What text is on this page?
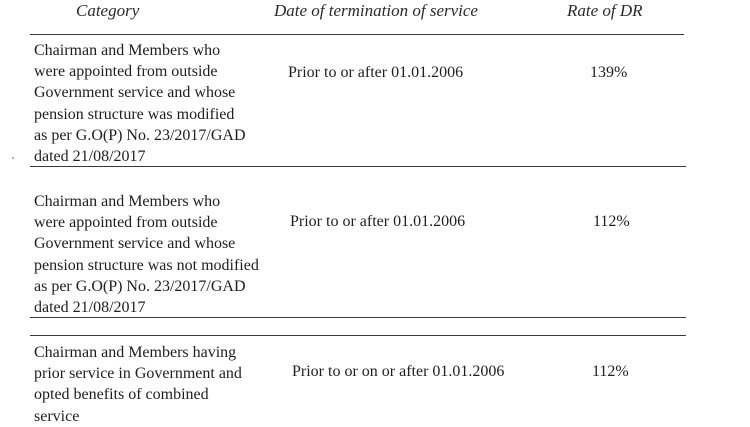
Category	Date of termination of service	Rate of DR
Chairman and Members who
were appointed from outside
Government service and whose
pension structure was modified
as per G.O(P) No. 23/2017/GAD
dated 21/08/2017
Prior to or after 01.01.2006	139%
Chairman and Members who
were appointed from outside
Government service and whose
pension structure was not modified
as per G.O(P) No. 23/2017/GAD
dated 21/08/2017
Prior to or after 01.01.2006	112%
Chairman and Members having
prior service in Government and
opted benefits of combined
service
Prior to or on or after 01.01.2006	112%
